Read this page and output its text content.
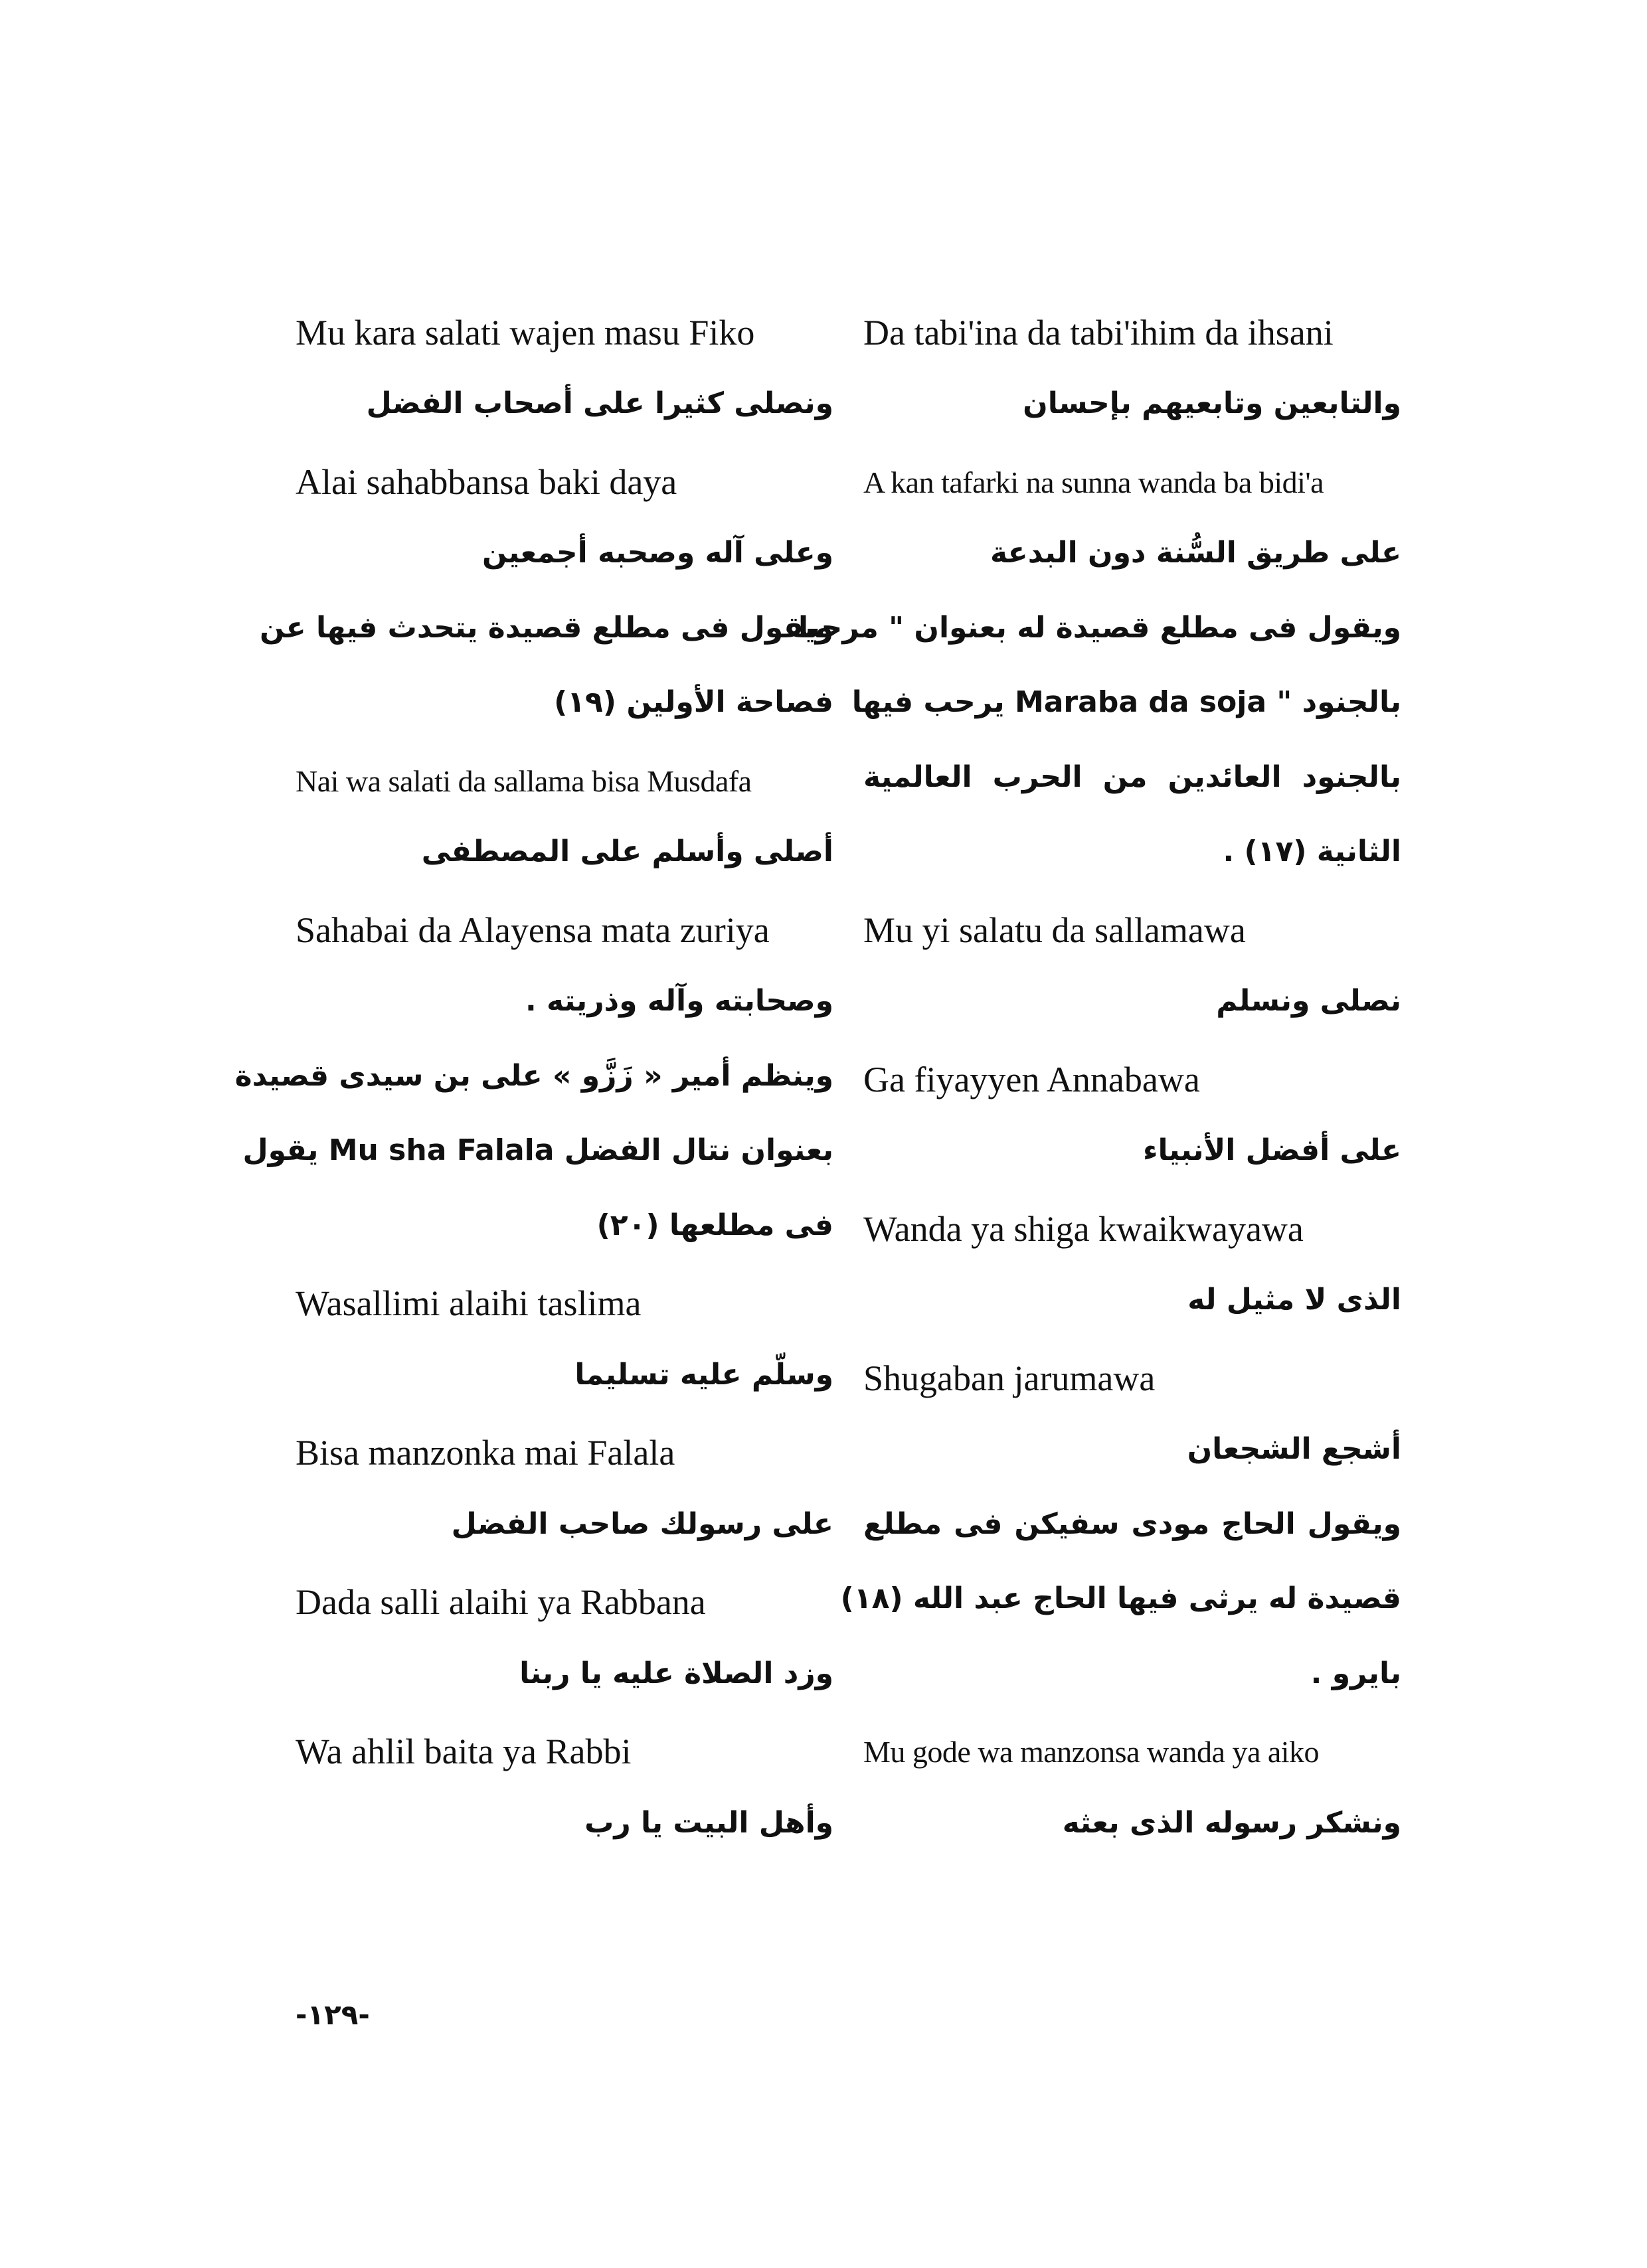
Mu kara salati wajen masu Fiko
ونصلى كثيرا على أصحاب الفضل
Alai sahabbansa baki daya
وعلى آله وصحبه أجمعين
ويقول فى مطلع قصيدة يتحدث فيها عن
فصاحة الأولين (١٩)
Nai wa salati da sallama bisa Musdafa
أصلى وأسلم على المصطفى
Sahabai da Alayensa mata zuriya
وصحابته وآله وذريته .
وينظم أمير « زَزَّو » على بن سيدى قصيدة
بعنوان نتال الفضل Mu sha Falala يقول
فى مطلعها (٢٠)
Wasallimi alaihi taslima
وسلّم عليه تسليما
Bisa manzonka mai Falala
على رسولك صاحب الفضل
Dada salli alaihi ya Rabbana
وزد الصلاة عليه يا ربنا
Wa ahlil baita ya Rabbi
وأهل البيت يا رب
Da tabi'ina da tabi'ihim da ihsani
والتابعين وتابعيهم بإحسان
A kan tafarki na sunna wanda ba bidi'a
على طريق السُّنة دون البدعة
ويقول فى مطلع قصيدة له بعنوان " مرحبا
بالجنود " Maraba da soja يرحب فيها
بالجنود العائدين من الحرب العالمية
الثانية (١٧) .
Mu yi salatu da sallamawa
نصلى ونسلم
Ga fiyayyen Annabawa
على أفضل الأنبياء
Wanda ya shiga kwaikwayawa
الذى لا مثيل له
Shugaban jarumawa
أشجع الشجعان
ويقول الحاج مودى سفيكن فى مطلع
قصيدة له يرثى فيها الحاج عبد الله (١٨)
بايرو .
Mu gode wa manzonsa wanda ya aiko
ونشكر رسوله الذى بعثه
-١٢٩-
